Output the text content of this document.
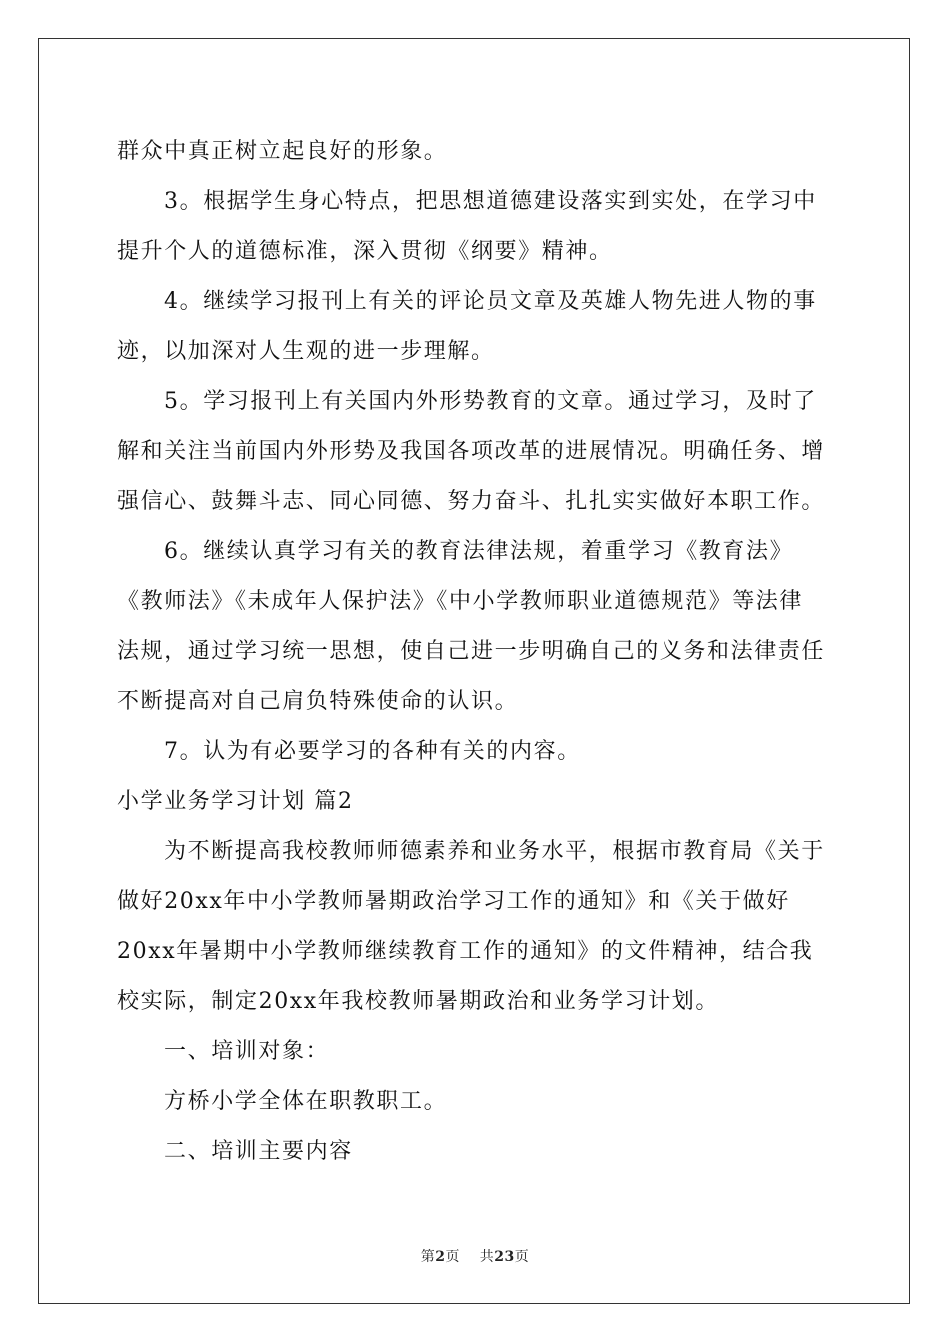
群众中真正树立起良好的形象。
3。根据学生身心特点，把思想道德建设落实到实处，在学习中
提升个人的道德标准，深入贯彻《纲要》精神。
4。继续学习报刊上有关的评论员文章及英雄人物先进人物的事
迹，以加深对人生观的进一步理解。
5。学习报刊上有关国内外形势教育的文章。通过学习，及时了
解和关注当前国内外形势及我国各项改革的进展情况。明确任务、增
强信心、鼓舞斗志、同心同德、努力奋斗、扎扎实实做好本职工作。
6。继续认真学习有关的教育法律法规，着重学习《教育法》
《教师法》《未成年人保护法》《中小学教师职业道德规范》等法律
法规，通过学习统一思想，使自己进一步明确自己的义务和法律责任
不断提高对自己肩负特殊使命的认识。
7。认为有必要学习的各种有关的内容。
小学业务学习计划 篇2
为不断提高我校教师师德素养和业务水平，根据市教育局《关于
做好20xx年中小学教师暑期政治学习工作的通知》和《关于做好
20xx年暑期中小学教师继续教育工作的通知》的文件精神，结合我
校实际，制定20xx年我校教师暑期政治和业务学习计划。
一、培训对象：
方桥小学全体在职教职工。
二、培训主要内容
第2页 共23页
